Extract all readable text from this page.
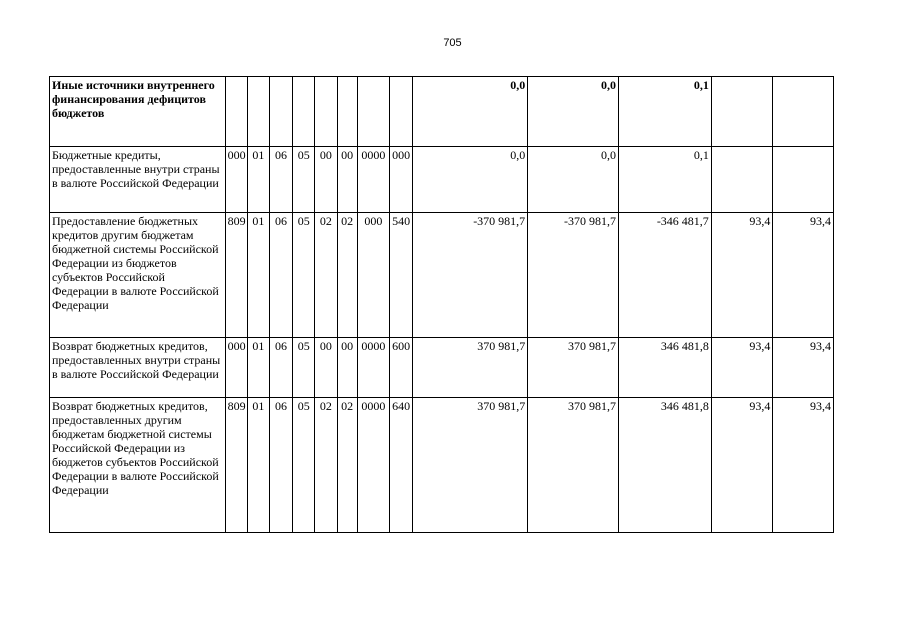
705
Иные источники внутреннего финансирования дефицитов бюджетов									0,0	0,0	0,1		
Бюджетные кредиты, предоставленные внутри страны в валюте Российской Федерации	000	01	06	05	00	00	0000	000	0,0	0,0	0,1		
Предоставление бюджетных кредитов другим бюджетам бюджетной системы Российской Федерации из бюджетов субъектов Российской Федерации в валюте Российской Федерации	809	01	06	05	02	02	000	540	-370 981,7	-370 981,7	-346 481,7	93,4	93,4
Возврат бюджетных кредитов, предоставленных внутри страны в валюте Российской Федерации	000	01	06	05	00	00	0000	600	370 981,7	370 981,7	346 481,8	93,4	93,4
Возврат бюджетных кредитов, предоставленных другим бюджетам бюджетной системы Российской Федерации из бюджетов субъектов Российской Федерации в валюте Российской Федерации	809	01	06	05	02	02	0000	640	370 981,7	370 981,7	346 481,8	93,4	93,4
